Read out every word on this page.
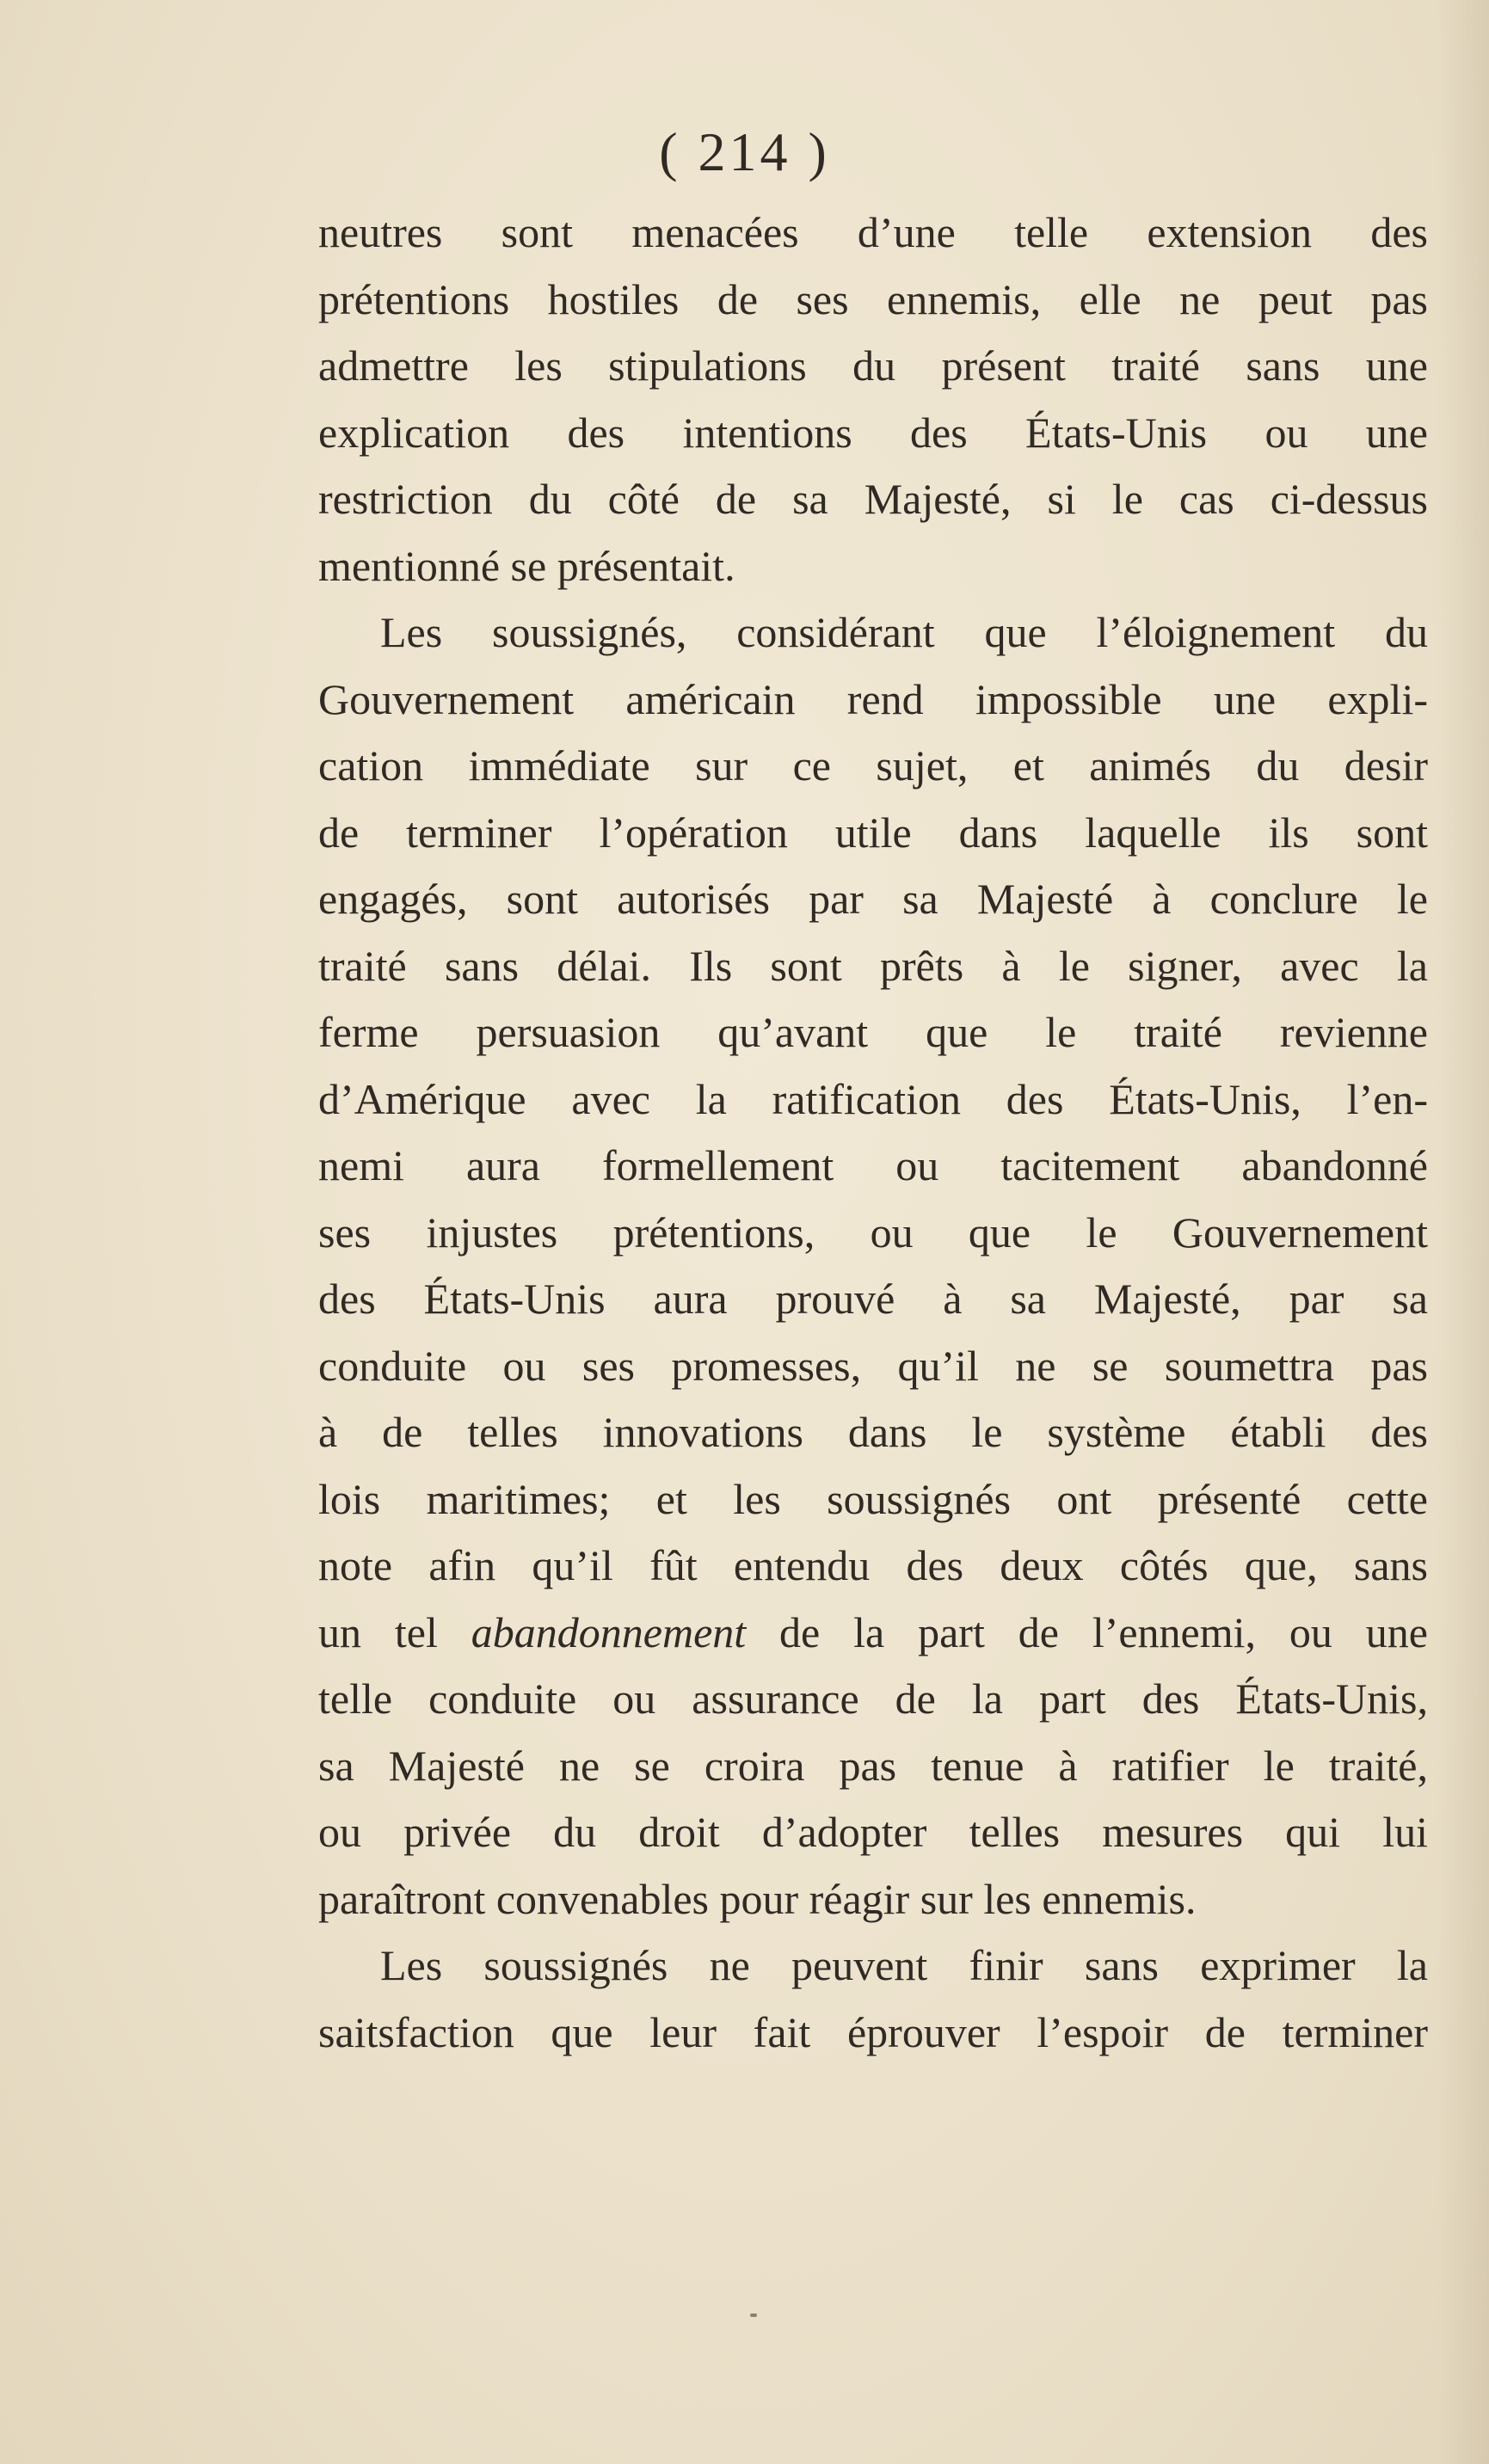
( 214 )
neutres sont menacées d’une telle extension des
prétentions hostiles de ses ennemis, elle ne peut pas
admettre les stipulations du présent traité sans une
explication des intentions des États-Unis ou une
restriction du côté de sa Majesté, si le cas ci-dessus
mentionné se présentait.
Les soussignés, considérant que l’éloignement du
Gouvernement américain rend impossible une expli-
cation immédiate sur ce sujet, et animés du desir
de terminer l’opération utile dans laquelle ils sont
engagés, sont autorisés par sa Majesté à conclure le
traité sans délai. Ils sont prêts à le signer, avec la
ferme persuasion qu’avant que le traité revienne
d’Amérique avec la ratification des États-Unis, l’en-
nemi aura formellement ou tacitement abandonné
ses injustes prétentions, ou que le Gouvernement
des États-Unis aura prouvé à sa Majesté, par sa
conduite ou ses promesses, qu’il ne se soumettra pas
à de telles innovations dans le système établi des
lois maritimes; et les soussignés ont présenté cette
note afin qu’il fût entendu des deux côtés que, sans
un tel abandonnement de la part de l’ennemi, ou une
telle conduite ou assurance de la part des États-Unis,
sa Majesté ne se croira pas tenue à ratifier le traité,
ou privée du droit d’adopter telles mesures qui lui
paraîtront convenables pour réagir sur les ennemis.
Les soussignés ne peuvent finir sans exprimer la
saitsfaction que leur fait éprouver l’espoir de terminer
